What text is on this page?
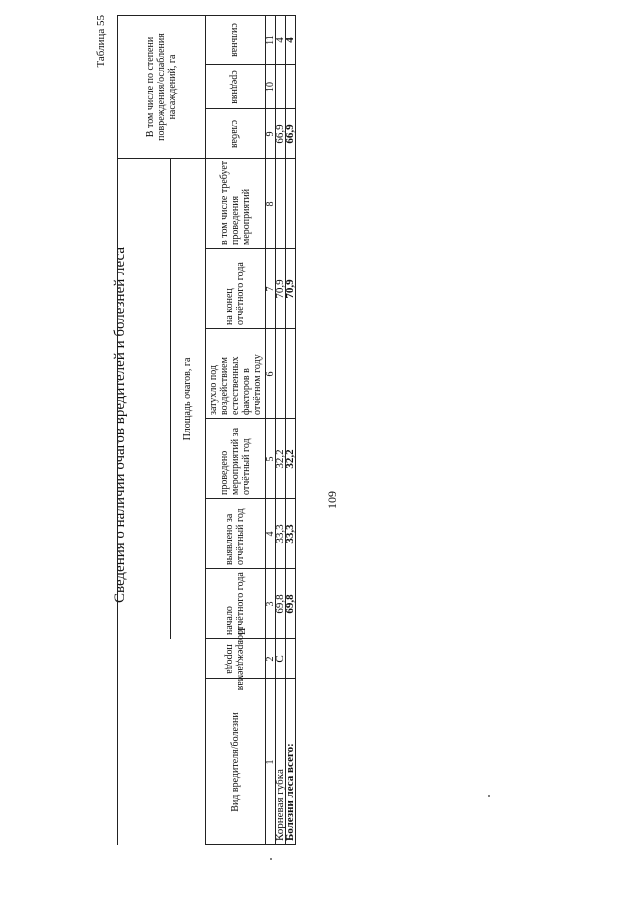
Таблица 55
Сведения о наличии очагов вредителей и болезней леса
Вид вредителя/болезни
Повреждаемая порода
Площадь очагов, га
начало отчётного года
выявлено за отчётный год
проведено мероприятий за отчётный год
затухло под воздействием естественных факторов в отчётном году
на конец отчётного года
в том числе требует проведения мероприятий
В том числе по степени повреждения/ослабления насаждений, га
слабая
средняя
сильная
1
2
3
4
5
6
7
8
9
10
11
Корневая губка
С
69,8
33,3
32,2
70,9
66,9
4
Болезни леса всего:
69,8
33,3
32,2
70,9
66,9
4
109
